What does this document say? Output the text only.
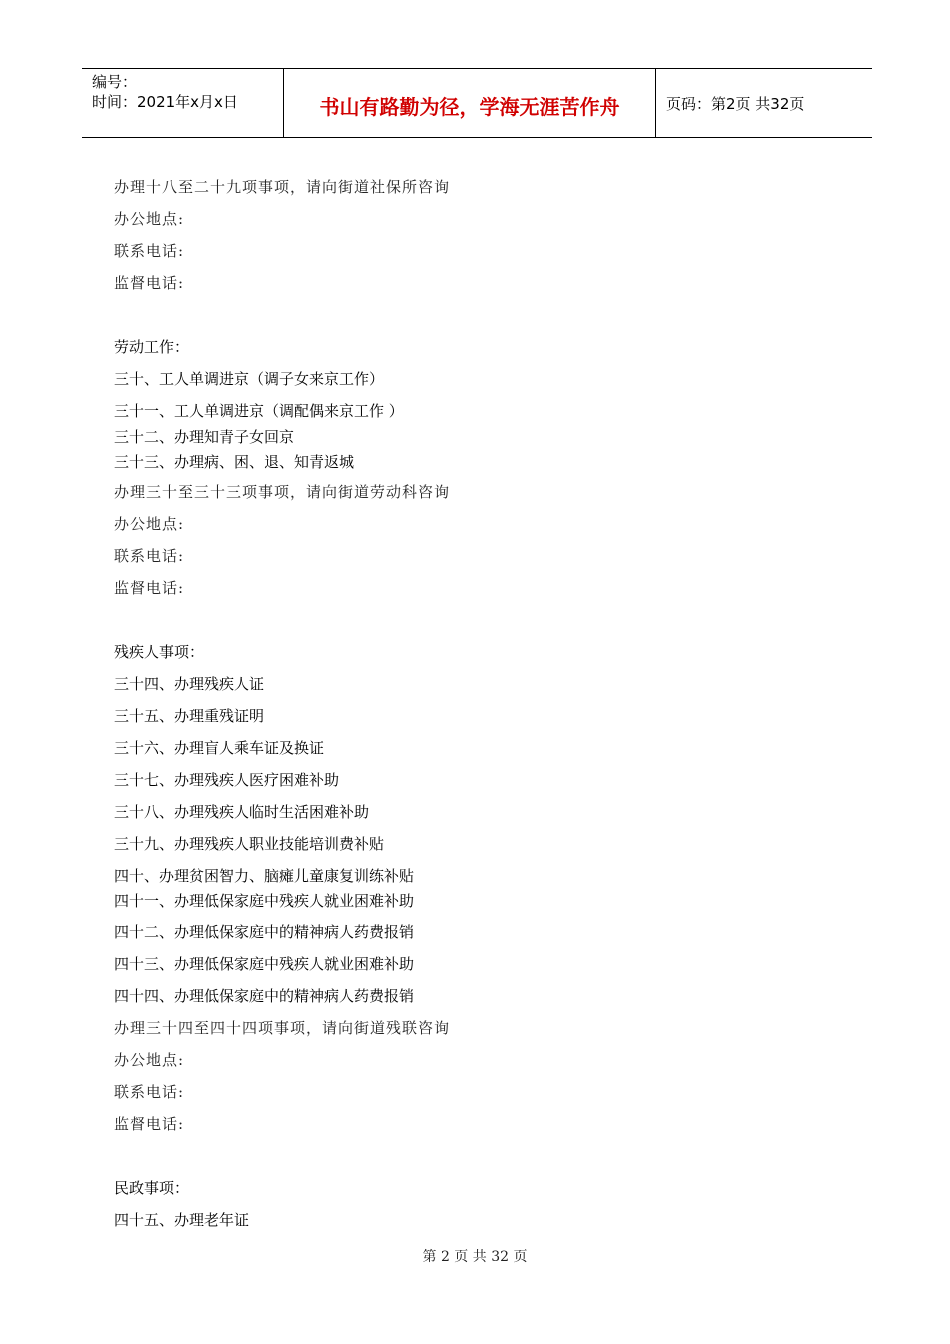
编号：
时间：2021年x月x日	书山有路勤为径，学海无涯苦作舟	页码：第2页 共32页
办理十八至二十九项事项，请向街道社保所咨询
办公地点:
联系电话:
监督电话:
劳动工作：
三十、工人单调进京（调子女来京工作）
三十一、工人单调进京（调配偶来京工作 ）
三十二、办理知青子女回京
三十三、办理病、困、退、知青返城
办理三十至三十三项事项，请向街道劳动科咨询
办公地点:
联系电话:
监督电话:
残疾人事项：
三十四、办理残疾人证
三十五、办理重残证明
三十六、办理盲人乘车证及换证
三十七、办理残疾人医疗困难补助
三十八、办理残疾人临时生活困难补助
三十九、办理残疾人职业技能培训费补贴
四十、办理贫困智力、脑瘫儿童康复训练补贴
四十一、办理低保家庭中残疾人就业困难补助
四十二、办理低保家庭中的精神病人药费报销
四十三、办理低保家庭中残疾人就业困难补助
四十四、办理低保家庭中的精神病人药费报销
办理三十四至四十四项事项，请向街道残联咨询
办公地点:
联系电话:
监督电话:
民政事项：
四十五、办理老年证
第 2 页 共 32 页
